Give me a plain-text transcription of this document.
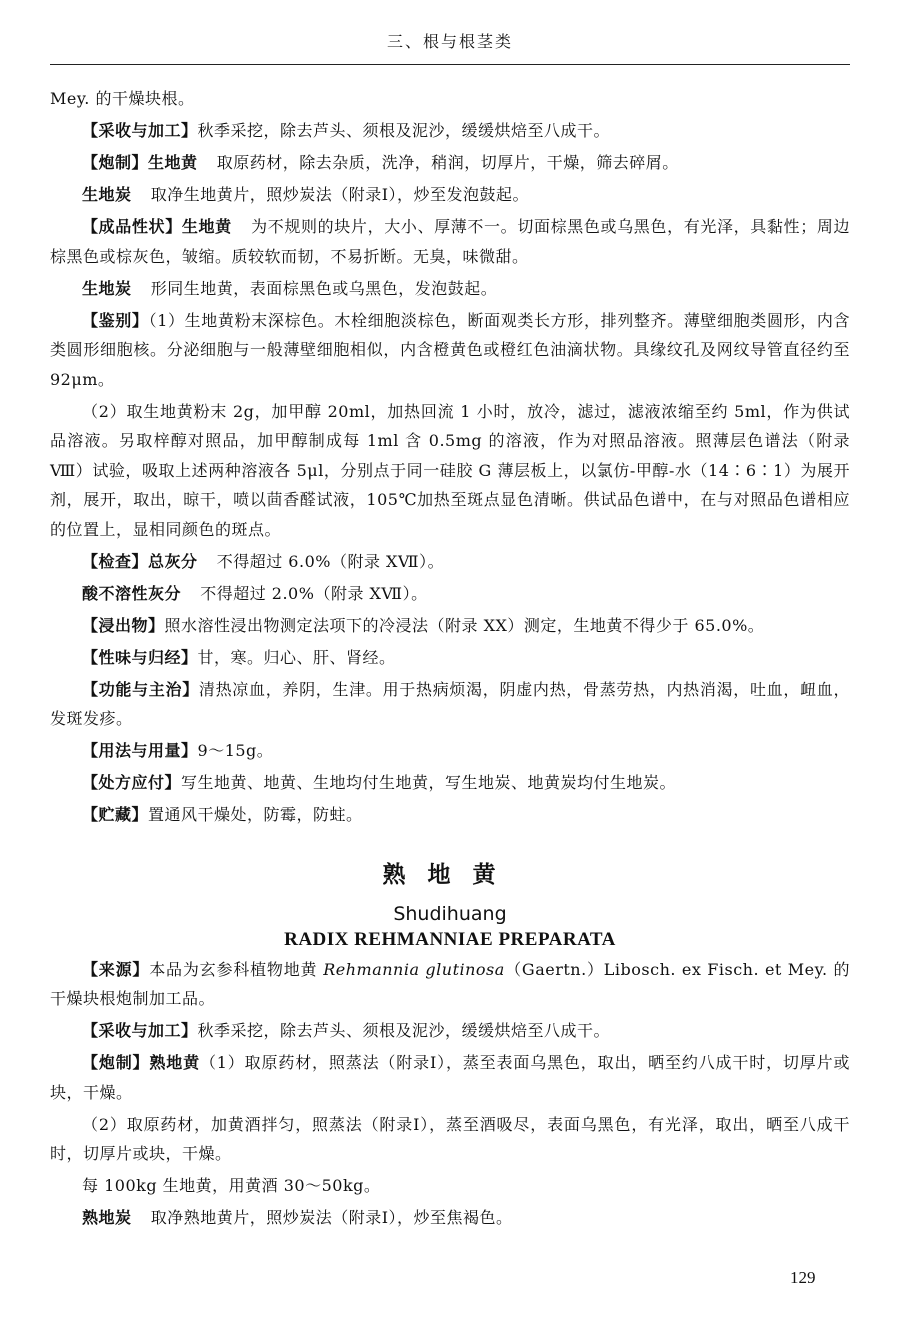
三、根与根茎类

Mey. 的干燥块根。

【采收与加工】秋季采挖，除去芦头、须根及泥沙，缓缓烘焙至八成干。

【炮制】生地黄 取原药材，除去杂质，洗净，稍润，切厚片，干燥，筛去碎屑。

生地炭 取净生地黄片，照炒炭法（附录Ⅰ），炒至发泡鼓起。

【成品性状】生地黄 为不规则的块片，大小、厚薄不一。切面棕黑色或乌黑色，有光泽，具黏性；周边棕黑色或棕灰色，皱缩。质较软而韧，不易折断。无臭，味微甜。

生地炭 形同生地黄，表面棕黑色或乌黑色，发泡鼓起。

【鉴别】（1）生地黄粉末深棕色。木栓细胞淡棕色，断面观类长方形，排列整齐。薄壁细胞类圆形，内含类圆形细胞核。分泌细胞与一般薄壁细胞相似，内含橙黄色或橙红色油滴状物。具缘纹孔及网纹导管直径约至 92μm。

（2）取生地黄粉末 2g，加甲醇 20ml，加热回流 1 小时，放冷，滤过，滤液浓缩至约 5ml，作为供试品溶液。另取梓醇对照品，加甲醇制成每 1ml 含 0.5mg 的溶液，作为对照品溶液。照薄层色谱法（附录Ⅷ）试验，吸取上述两种溶液各 5μl，分别点于同一硅胶 G 薄层板上，以氯仿-甲醇-水（14∶6∶1）为展开剂，展开，取出，晾干，喷以茴香醛试液，105℃加热至斑点显色清晰。供试品色谱中，在与对照品色谱相应的位置上，显相同颜色的斑点。

【检查】总灰分 不得超过 6.0%（附录 XⅦ）。

酸不溶性灰分 不得超过 2.0%（附录 XⅦ）。

【浸出物】照水溶性浸出物测定法项下的冷浸法（附录 XX）测定，生地黄不得少于 65.0%。

【性味与归经】甘，寒。归心、肝、肾经。

【功能与主治】清热凉血，养阴，生津。用于热病烦渴，阴虚内热，骨蒸劳热，内热消渴，吐血，衄血，发斑发疹。

【用法与用量】9～15g。

【处方应付】写生地黄、地黄、生地均付生地黄，写生地炭、地黄炭均付生地炭。

【贮藏】置通风干燥处，防霉，防蛀。

熟地黄
Shudihuang
RADIX REHMANNIAE PREPARATA

【来源】本品为玄参科植物地黄 Rehmannia glutinosa（Gaertn.）Libosch. ex Fisch. et Mey. 的干燥块根炮制加工品。

【采收与加工】秋季采挖，除去芦头、须根及泥沙，缓缓烘焙至八成干。

【炮制】熟地黄（1）取原药材，照蒸法（附录Ⅰ），蒸至表面乌黑色，取出，晒至约八成干时，切厚片或块，干燥。

（2）取原药材，加黄酒拌匀，照蒸法（附录Ⅰ），蒸至酒吸尽，表面乌黑色，有光泽，取出，晒至八成干时，切厚片或块，干燥。

每 100kg 生地黄，用黄酒 30～50kg。

熟地炭 取净熟地黄片，照炒炭法（附录Ⅰ），炒至焦褐色。

129
